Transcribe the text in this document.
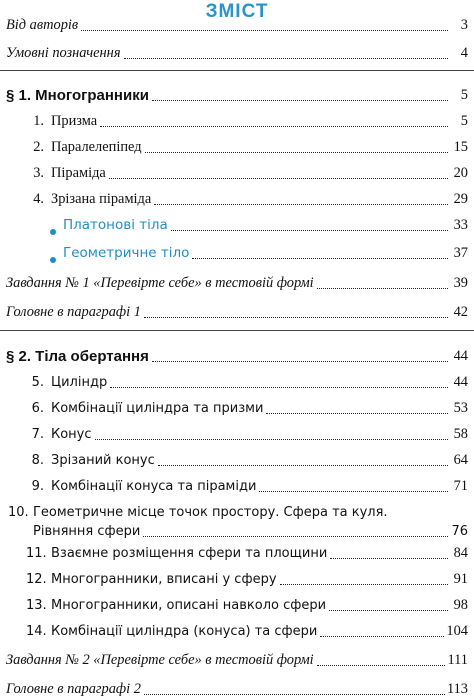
ЗМІСТ
Від авторів	3
Умовні позначення	4
§ 1. Многогранники	5
1. Призма	5
2. Паралелепіпед	15
3. Піраміда	20
4. Зрізана піраміда	29
Платонові тіла	33
Геометричне тіло	37
Завдання № 1 «Перевірте себе» в тестовій формі	39
Головне в параграфі 1	42
§ 2. Тіла обертання	44
5. Циліндр	44
6. Комбінації циліндра та призми	53
7. Конус	58
8. Зрізаний конус	64
9. Комбінації конуса та піраміди	71
10. Геометричне місце точок простору. Сфера та куля.
Рівняння сфери	76
11. Взаємне розміщення сфери та площини	84
12. Многогранники, вписані у сферу	91
13. Многогранники, описані навколо сфери	98
14. Комбінації циліндра (конуса) та сфери	104
Завдання № 2 «Перевірте себе» в тестовій формі	111
Головне в параграфі 2	113
